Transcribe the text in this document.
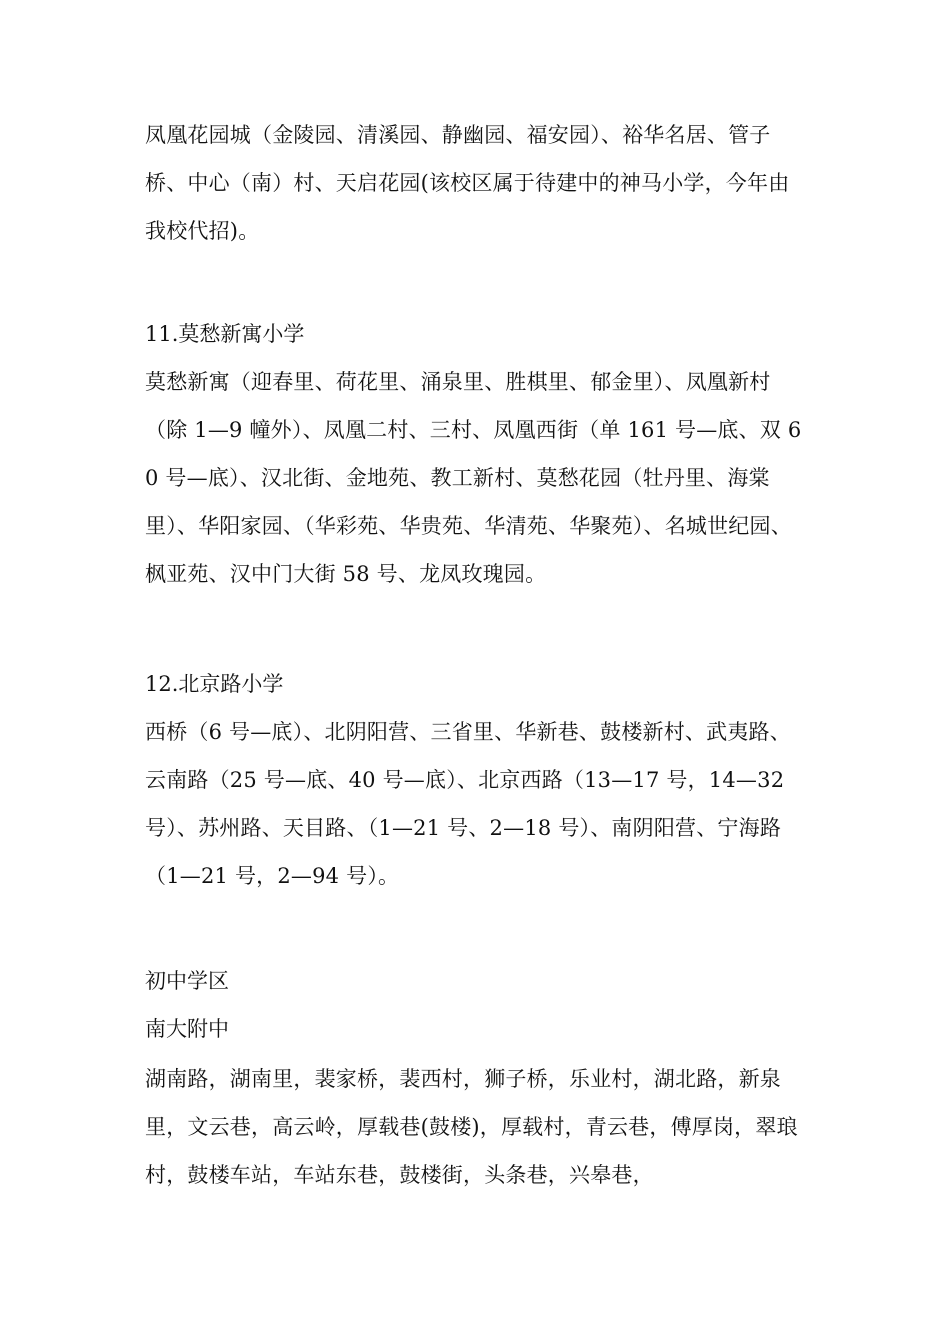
凤凰花园城（金陵园、清溪园、静幽园、福安园）、裕华名居、管子桥、中心（南）村、天启花园(该校区属于待建中的神马小学，今年由我校代招)。
11.莫愁新寓小学
莫愁新寓（迎春里、荷花里、涌泉里、胜棋里、郁金里）、凤凰新村（除 1—9 幢外）、凤凰二村、三村、凤凰西街（单 161 号—底、双 60 号—底）、汉北街、金地苑、教工新村、莫愁花园（牡丹里、海棠里）、华阳家园、（华彩苑、华贵苑、华清苑、华聚苑）、名城世纪园、枫亚苑、汉中门大街 58 号、龙凤玫瑰园。
12.北京路小学
西桥（6 号—底）、北阴阳营、三省里、华新巷、鼓楼新村、武夷路、云南路（25 号—底、40 号—底）、北京西路（13—17 号，14—32 号）、苏州路、天目路、（1—21 号、2—18 号）、南阴阳营、宁海路（1—21 号，2—94 号）。
初中学区
南大附中
湖南路，湖南里，裴家桥，裴西村，狮子桥，乐业村，湖北路，新泉里，文云巷，高云岭，厚载巷(鼓楼)，厚载村，青云巷，傅厚岗，翠琅村，鼓楼车站，车站东巷，鼓楼街，头条巷，兴皋巷，
